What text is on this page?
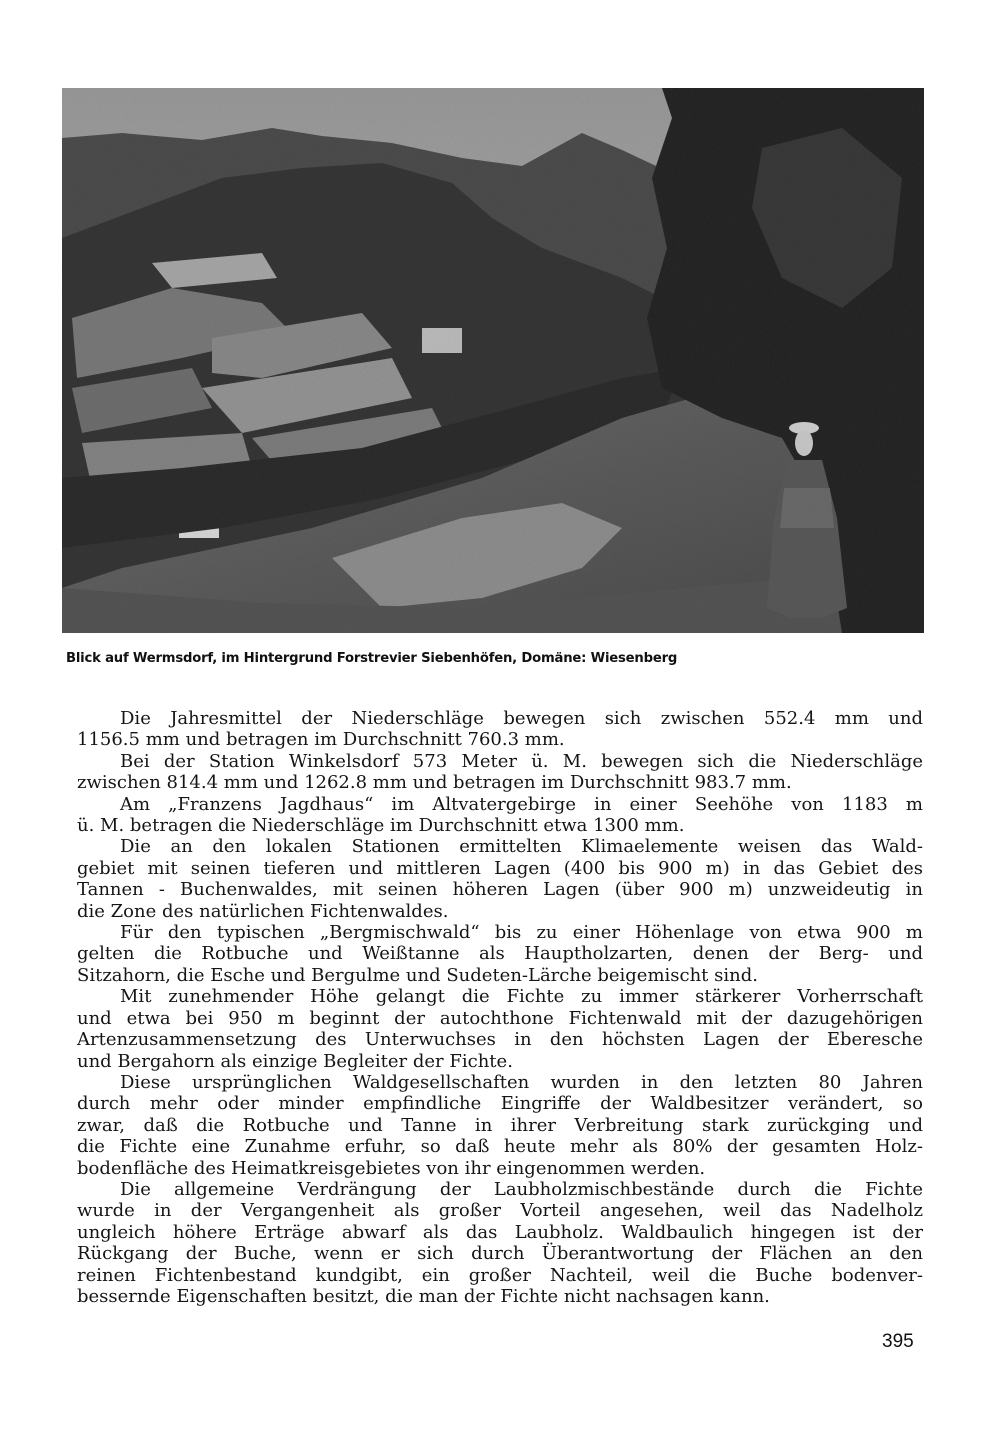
Blick auf Wermsdorf, im Hintergrund Forstrevier Siebenhöfen, Domäne: Wiesenberg
Die Jahresmittel der Niederschläge bewegen sich zwischen 552.4 mm und
1156.5 mm und betragen im Durchschnitt 760.3 mm.
Bei der Station Winkelsdorf 573 Meter ü. M. bewegen sich die Niederschläge
zwischen 814.4 mm und 1262.8 mm und betragen im Durchschnitt 983.7 mm.
Am „Franzens Jagdhaus“ im Altvatergebirge in einer Seehöhe von 1183 m
ü. M. betragen die Niederschläge im Durchschnitt etwa 1300 mm.
Die an den lokalen Stationen ermittelten Klimaelemente weisen das Wald-
gebiet mit seinen tieferen und mittleren Lagen (400 bis 900 m) in das Gebiet des
Tannen - Buchenwaldes, mit seinen höheren Lagen (über 900 m) unzweideutig in
die Zone des natürlichen Fichtenwaldes.
Für den typischen „Bergmischwald“ bis zu einer Höhenlage von etwa 900 m
gelten die Rotbuche und Weißtanne als Hauptholzarten, denen der Berg- und
Sitzahorn, die Esche und Bergulme und Sudeten-Lärche beigemischt sind.
Mit zunehmender Höhe gelangt die Fichte zu immer stärkerer Vorherrschaft
und etwa bei 950 m beginnt der autochthone Fichtenwald mit der dazugehörigen
Artenzusammensetzung des Unterwuchses in den höchsten Lagen der Eberesche
und Bergahorn als einzige Begleiter der Fichte.
Diese ursprünglichen Waldgesellschaften wurden in den letzten 80 Jahren
durch mehr oder minder empfindliche Eingriffe der Waldbesitzer verändert, so
zwar, daß die Rotbuche und Tanne in ihrer Verbreitung stark zurückging und
die Fichte eine Zunahme erfuhr, so daß heute mehr als 80% der gesamten Holz-
bodenfläche des Heimatkreisgebietes von ihr eingenommen werden.
Die allgemeine Verdrängung der Laubholzmischbestände durch die Fichte
wurde in der Vergangenheit als großer Vorteil angesehen, weil das Nadelholz
ungleich höhere Erträge abwarf als das Laubholz. Waldbaulich hingegen ist der
Rückgang der Buche, wenn er sich durch Überantwortung der Flächen an den
reinen Fichtenbestand kundgibt, ein großer Nachteil, weil die Buche bodenver-
bessernde Eigenschaften besitzt, die man der Fichte nicht nachsagen kann.
395
